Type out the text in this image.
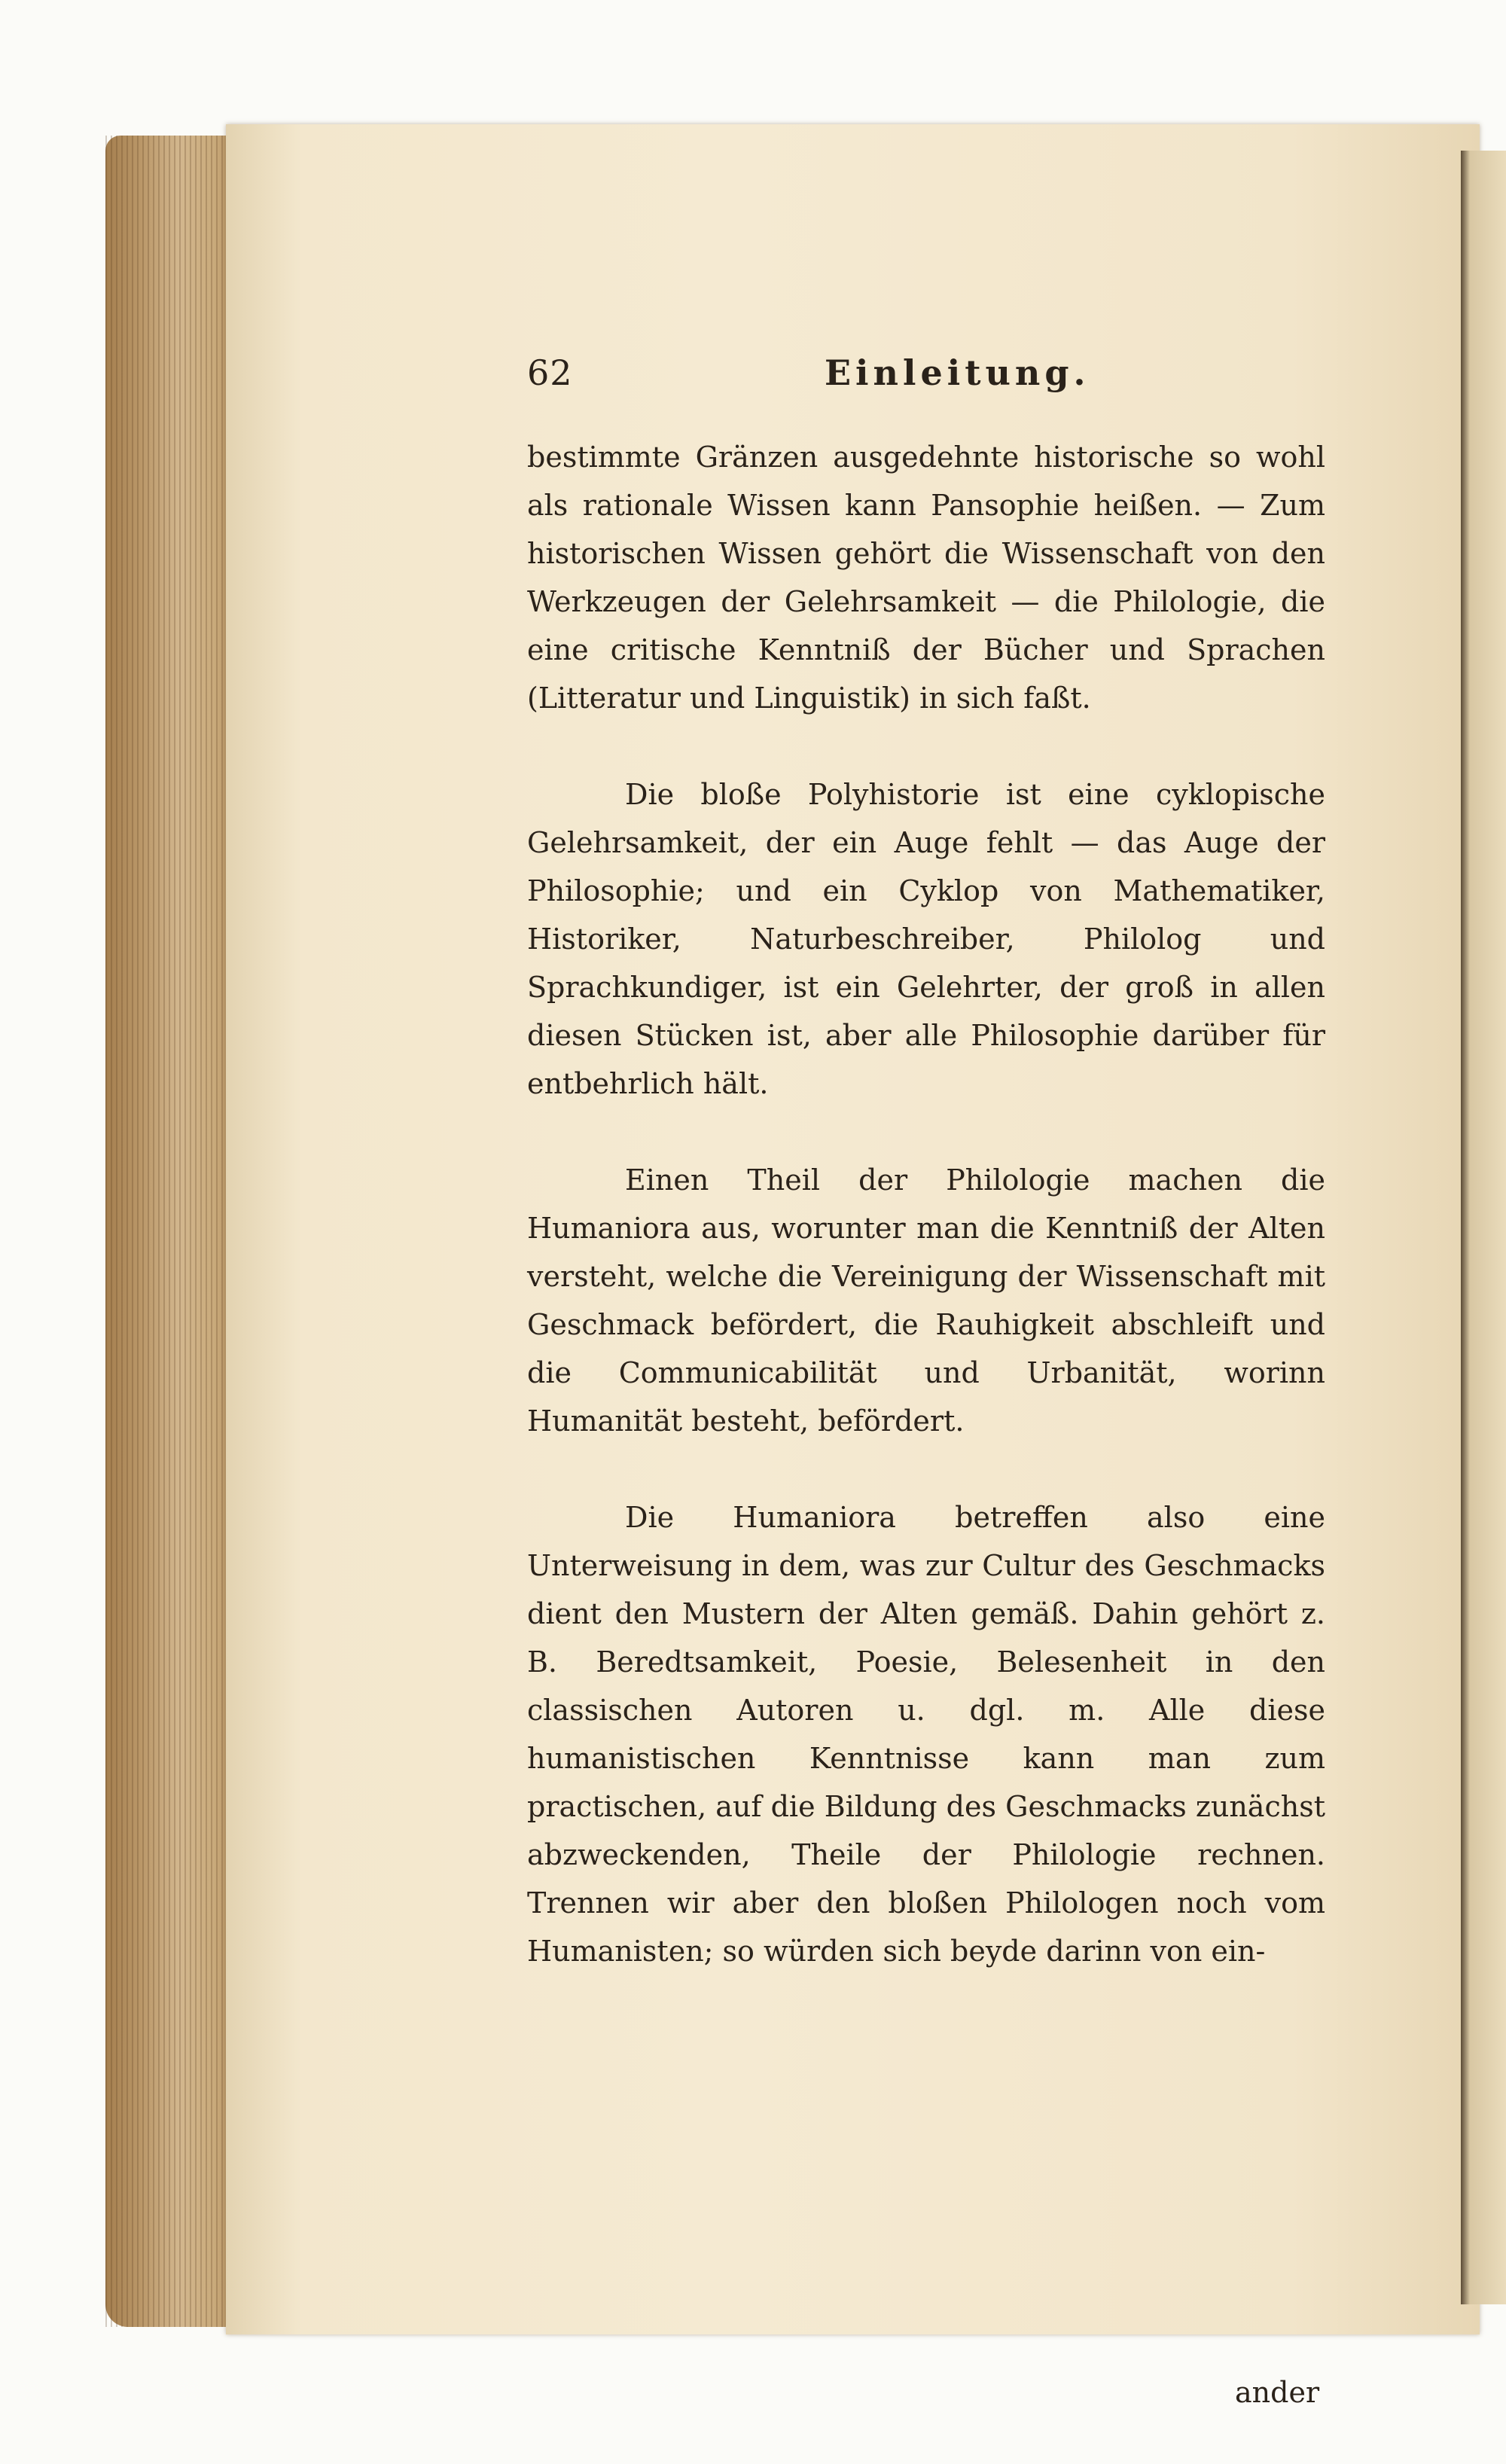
62	Einleitung.

bestimmte Gränzen ausgedehnte historische so wohl als rationale Wissen kann Pansophie heißen. — Zum historischen Wissen gehört die Wissenschaft von den Werkzeugen der Gelehrsamkeit — die Philologie, die eine critische Kenntniß der Bücher und Sprachen (Litteratur und Linguistik) in sich faßt.

Die bloße Polyhistorie ist eine cyklopische Gelehrsamkeit, der ein Auge fehlt — das Auge der Philosophie; und ein Cyklop von Mathematiker, Historiker, Naturbeschreiber, Philolog und Sprachkundiger, ist ein Gelehrter, der groß in allen diesen Stücken ist, aber alle Philosophie darüber für entbehrlich hält.

Einen Theil der Philologie machen die Humaniora aus, worunter man die Kenntniß der Alten versteht, welche die Vereinigung der Wissenschaft mit Geschmack befördert, die Rauhigkeit abschleift und die Communicabilität und Urbanität, worinn Humanität besteht, befördert.

Die Humaniora betreffen also eine Unterweisung in dem, was zur Cultur des Geschmacks dient den Mustern der Alten gemäß. Dahin gehört z. B. Beredtsamkeit, Poesie, Belesenheit in den classischen Autoren u. dgl. m. Alle diese humanistischen Kenntnisse kann man zum practischen, auf die Bildung des Geschmacks zunächst abzweckenden, Theile der Philologie rechnen. Trennen wir aber den bloßen Philologen noch vom Humanisten; so würden sich beyde darinn von ein-

ander
